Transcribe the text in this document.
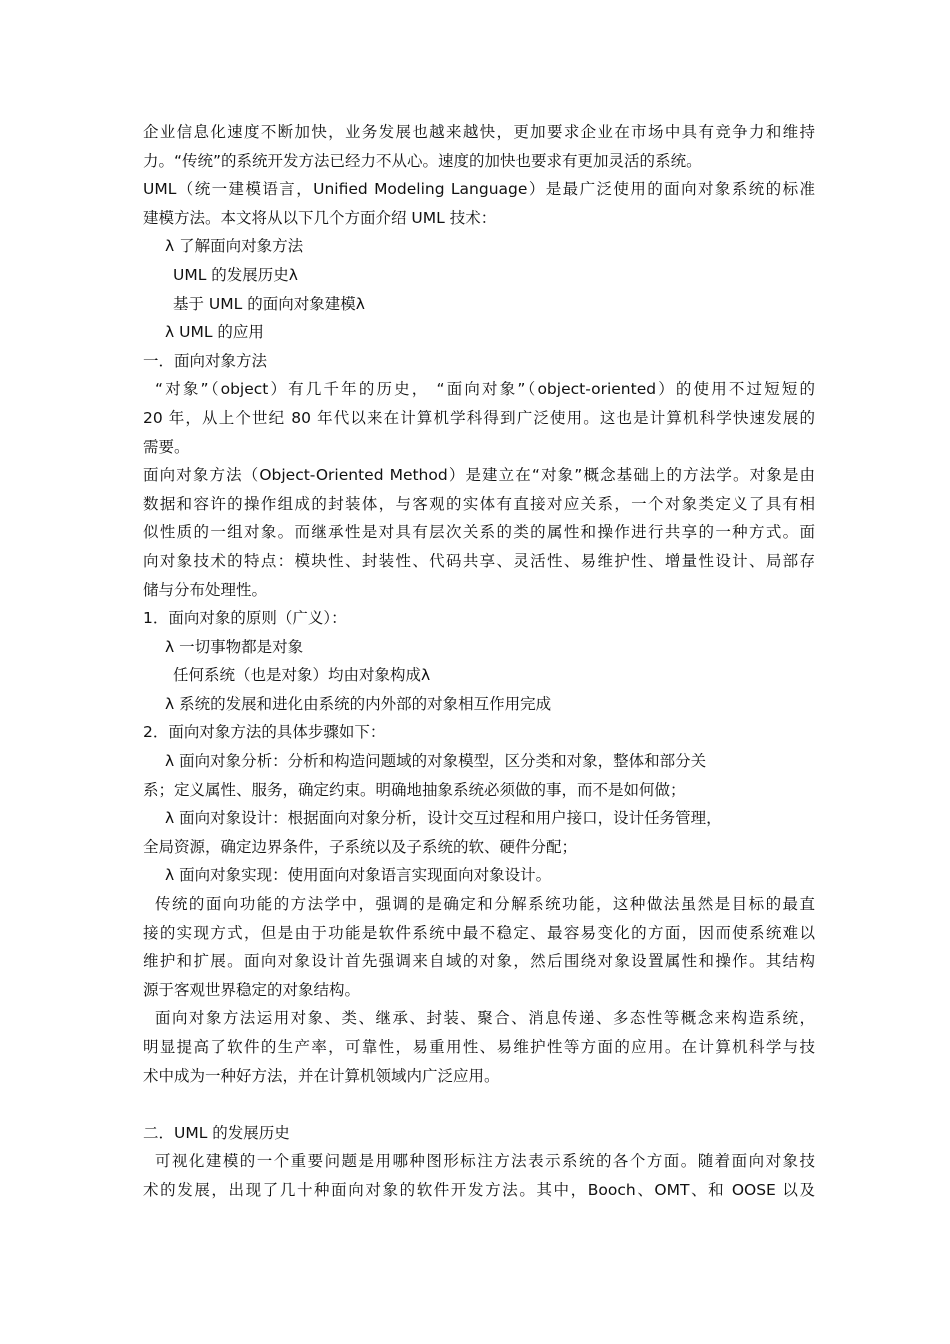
企业信息化速度不断加快，业务发展也越来越快，更加要求企业在市场中具有竞争力和维持
力。“传统”的系统开发方法已经力不从心。速度的加快也要求有更加灵活的系统。
UML（统一建模语言，Unified Modeling Language）是最广泛使用的面向对象系统的标准
建模方法。本文将从以下几个方面介绍 UML 技术：
λ 了解面向对象方法
UML 的发展历史λ
基于 UML 的面向对象建模λ
λ UML 的应用
一．面向对象方法
“对象”（object）有几千年的历史， “面向对象”（object-oriented）的使用不过短短的
20 年，从上个世纪 80 年代以来在计算机学科得到广泛使用。这也是计算机科学快速发展的
需要。
面向对象方法（Object-Oriented Method）是建立在“对象”概念基础上的方法学。对象是由
数据和容许的操作组成的封装体，与客观的实体有直接对应关系，一个对象类定义了具有相
似性质的一组对象。而继承性是对具有层次关系的类的属性和操作进行共享的一种方式。面
向对象技术的特点：模块性、封装性、代码共享、灵活性、易维护性、增量性设计、局部存
储与分布处理性。
1．面向对象的原则（广义）：
λ 一切事物都是对象
任何系统（也是对象）均由对象构成λ
λ 系统的发展和进化由系统的内外部的对象相互作用完成
2．面向对象方法的具体步骤如下：
λ 面向对象分析：分析和构造问题域的对象模型，区分类和对象，整体和部分关
系；定义属性、服务，确定约束。明确地抽象系统必须做的事，而不是如何做；
λ 面向对象设计：根据面向对象分析，设计交互过程和用户接口，设计任务管理，
全局资源，确定边界条件，子系统以及子系统的软、硬件分配；
λ 面向对象实现：使用面向对象语言实现面向对象设计。
传统的面向功能的方法学中，强调的是确定和分解系统功能，这种做法虽然是目标的最直
接的实现方式，但是由于功能是软件系统中最不稳定、最容易变化的方面，因而使系统难以
维护和扩展。面向对象设计首先强调来自域的对象，然后围绕对象设置属性和操作。其结构
源于客观世界稳定的对象结构。
面向对象方法运用对象、类、继承、封装、聚合、消息传递、多态性等概念来构造系统，
明显提高了软件的生产率，可靠性，易重用性、易维护性等方面的应用。在计算机科学与技
术中成为一种好方法，并在计算机领域内广泛应用。
二．UML 的发展历史
可视化建模的一个重要问题是用哪种图形标注方法表示系统的各个方面。随着面向对象技
术的发展，出现了几十种面向对象的软件开发方法。其中，Booch、OMT、和 OOSE 以及
